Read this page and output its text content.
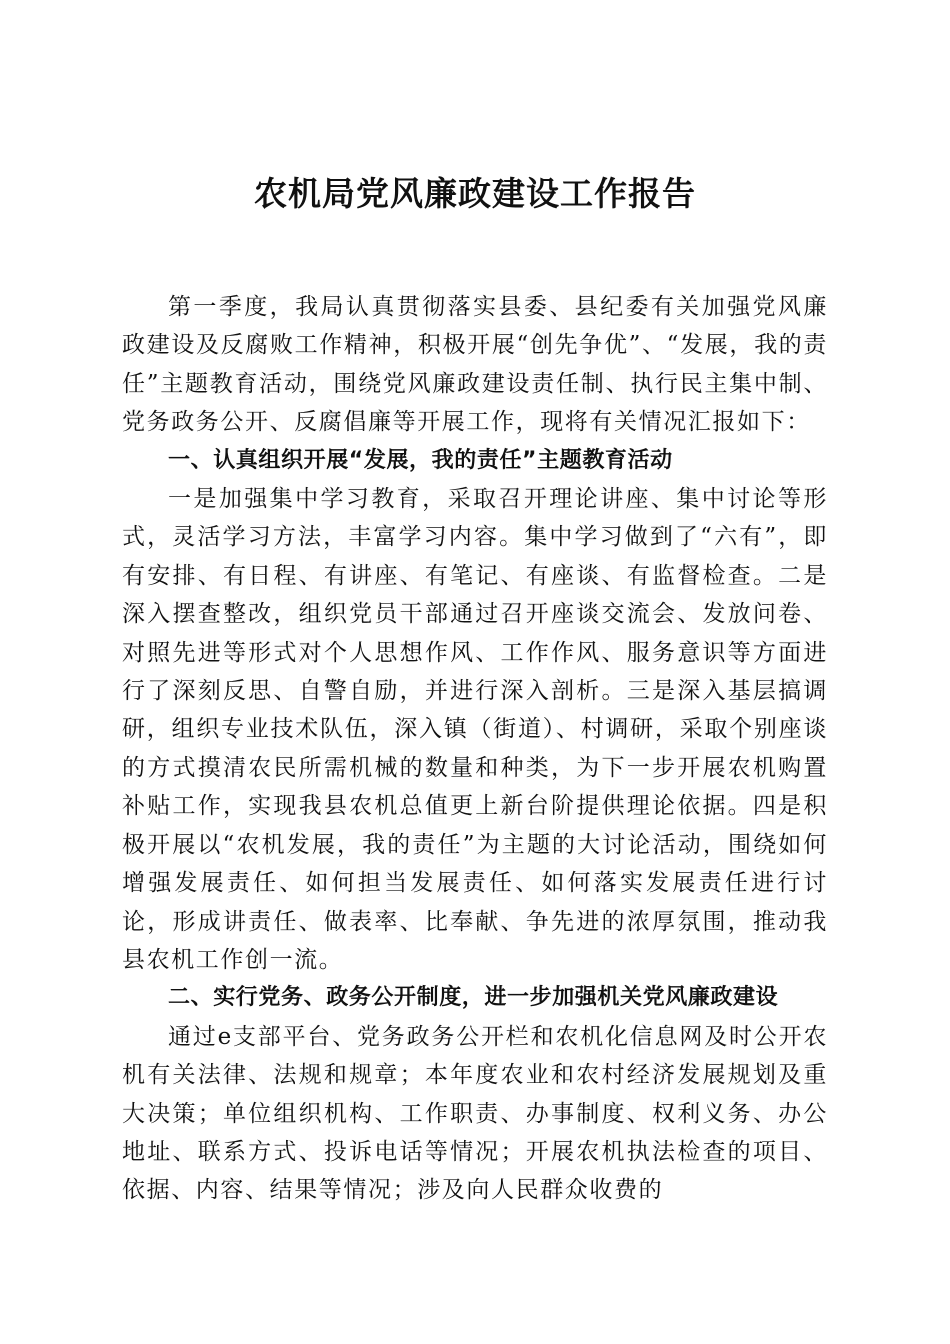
农机局党风廉政建设工作报告

第一季度，我局认真贯彻落实县委、县纪委有关加强党风廉政建设及反腐败工作精神，积极开展“创先争优”、“发展，我的责任”主题教育活动，围绕党风廉政建设责任制、执行民主集中制、党务政务公开、反腐倡廉等开展工作，现将有关情况汇报如下：

一、认真组织开展“发展，我的责任”主题教育活动

一是加强集中学习教育，采取召开理论讲座、集中讨论等形式，灵活学习方法，丰富学习内容。集中学习做到了“六有”，即有安排、有日程、有讲座、有笔记、有座谈、有监督检查。二是深入摆查整改，组织党员干部通过召开座谈交流会、发放问卷、对照先进等形式对个人思想作风、工作作风、服务意识等方面进行了深刻反思、自警自励，并进行深入剖析。三是深入基层搞调研，组织专业技术队伍，深入镇（街道）、村调研，采取个别座谈的方式摸清农民所需机械的数量和种类，为下一步开展农机购置补贴工作，实现我县农机总值更上新台阶提供理论依据。四是积极开展以“农机发展，我的责任”为主题的大讨论活动，围绕如何增强发展责任、如何担当发展责任、如何落实发展责任进行讨论，形成讲责任、做表率、比奉献、争先进的浓厚氛围，推动我县农机工作创一流。

二、实行党务、政务公开制度，进一步加强机关党风廉政建设

通过e支部平台、党务政务公开栏和农机化信息网及时公开农机有关法律、法规和规章；本年度农业和农村经济发展规划及重大决策；单位组织机构、工作职责、办事制度、权利义务、办公地址、联系方式、投诉电话等情况；开展农机执法检查的项目、依据、内容、结果等情况；涉及向人民群众收费的
